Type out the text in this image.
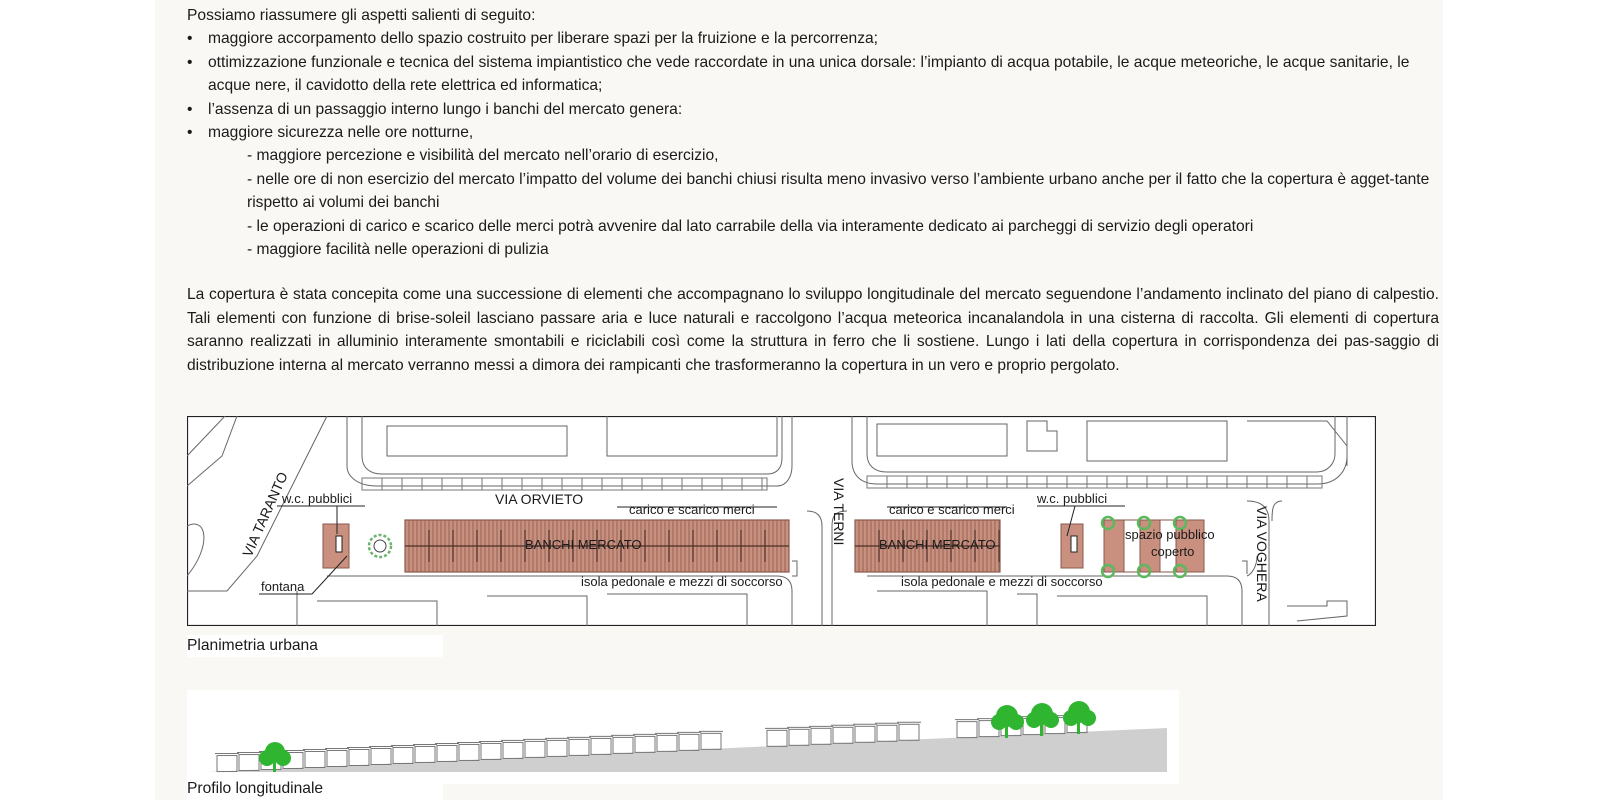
Possiamo riassumere gli aspetti salienti di seguito:

• maggiore accorpamento dello spazio costruito per liberare spazi per la fruizione e la percorrenza;

• ottimizzazione funzionale e tecnica del sistema impiantistico che vede raccordate in una unica dorsale: l’impianto di acqua potabile, le acque meteoriche, le acque sanitarie, le acque nere, il cavidotto della rete elettrica ed informatica;

• l’assenza di un passaggio interno lungo i banchi del mercato genera:

• maggiore sicurezza nelle ore notturne,

- maggiore percezione e visibilità del mercato nell’orario di esercizio,

- nelle ore di non esercizio del mercato l’impatto del volume dei banchi chiusi risulta meno invasivo verso l’ambiente urbano anche per il fatto che la copertura è agget-tante rispetto ai volumi dei banchi

- le operazioni di carico e scarico delle merci potrà avvenire dal lato carrabile della via interamente dedicato ai parcheggi di servizio degli operatori

- maggiore facilità nelle operazioni di pulizia

La copertura è stata concepita come una successione di elementi che accompagnano lo sviluppo longitudinale del mercato seguendone l’andamento inclinato del piano di calpestio. Tali elementi con funzione di brise-soleil lasciano passare aria e luce naturali e raccolgono l’acqua meteorica incanalandola in una cisterna di raccolta. Gli elementi di copertura saranno realizzati in alluminio interamente smontabili e riciclabili così come la struttura in ferro che li sostiene. Lungo i lati della copertura in corrispondenza dei pas-saggio di distribuzione interna al mercato verranno messi a dimora dei rampicanti che trasformeranno la copertura in un vero e proprio pergolato.

VIA TARANTO	VIA ORVIETO	VIA TERNI	VIA VOGHERA
w.c. pubblici	w.c. pubblici
fontana
carico e scarico merci	carico e scarico merci
BANCHI MERCATO	BANCHI MERCATO
isola pedonale e mezzi di soccorso	isola pedonale e mezzi di soccorso
spazio pubblico
coperto
Planimetria urbana
Profilo longitudinale
